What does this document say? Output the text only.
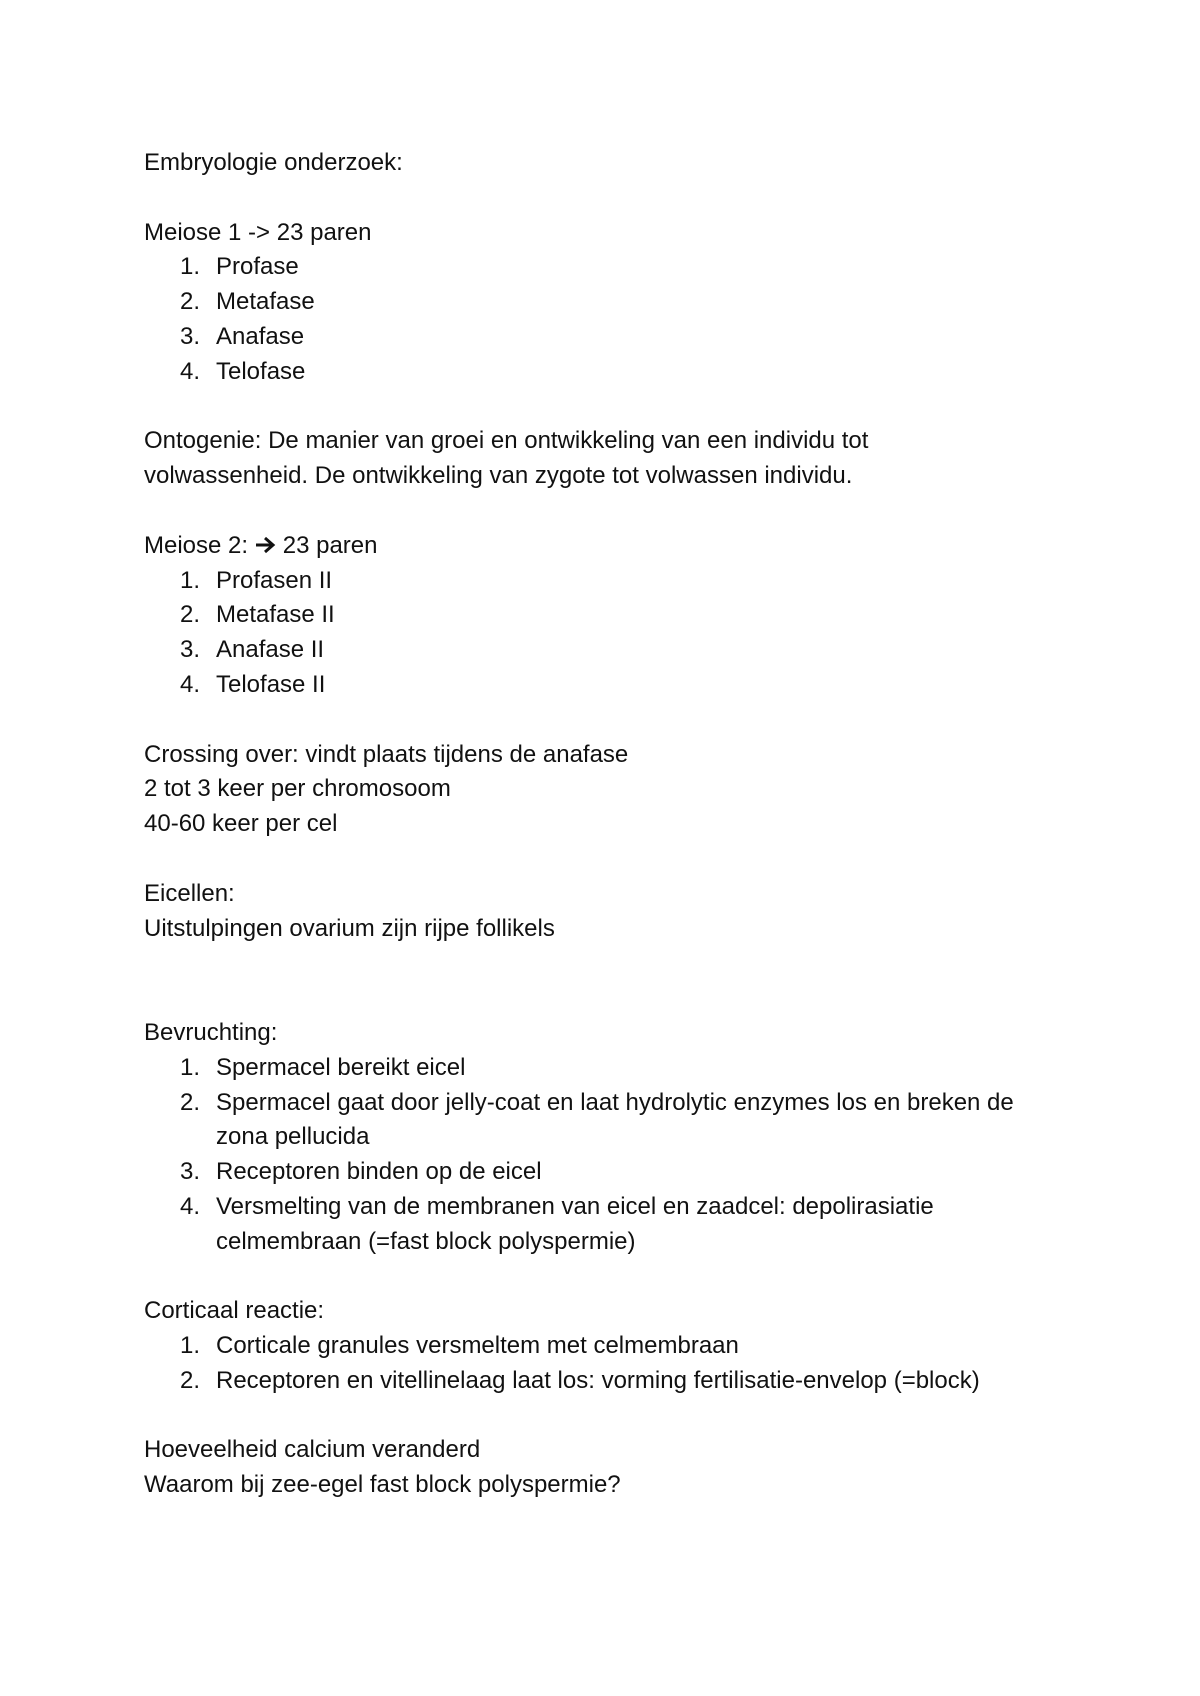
Embryologie onderzoek:

Meiose 1 -> 23 paren

1. Profase
2. Metafase
3. Anafase
4. Telofase

Ontogenie: De manier van groei en ontwikkeling van een individu tot

volwassenheid. De ontwikkeling van zygote tot volwassen individu.

Meiose 2: 23 paren

1. Profasen II
2. Metafase II
3. Anafase II
4. Telofase II

Crossing over: vindt plaats tijdens de anafase

2 tot 3 keer per chromosoom

40-60 keer per cel

Eicellen:

Uitstulpingen ovarium zijn rijpe follikels

Bevruchting:

1. Spermacel bereikt eicel
2. Spermacel gaat door jelly-coat en laat hydrolytic enzymes los en breken de zona pellucida
3. Receptoren binden op de eicel
4. Versmelting van de membranen van eicel en zaadcel: depolirasiatie celmembraan (=fast block polyspermie)

Corticaal reactie:

1. Corticale granules versmeltem met celmembraan
2. Receptoren en vitellinelaag laat los: vorming fertilisatie-envelop (=block)

Hoeveelheid calcium veranderd

Waarom bij zee-egel fast block polyspermie?
